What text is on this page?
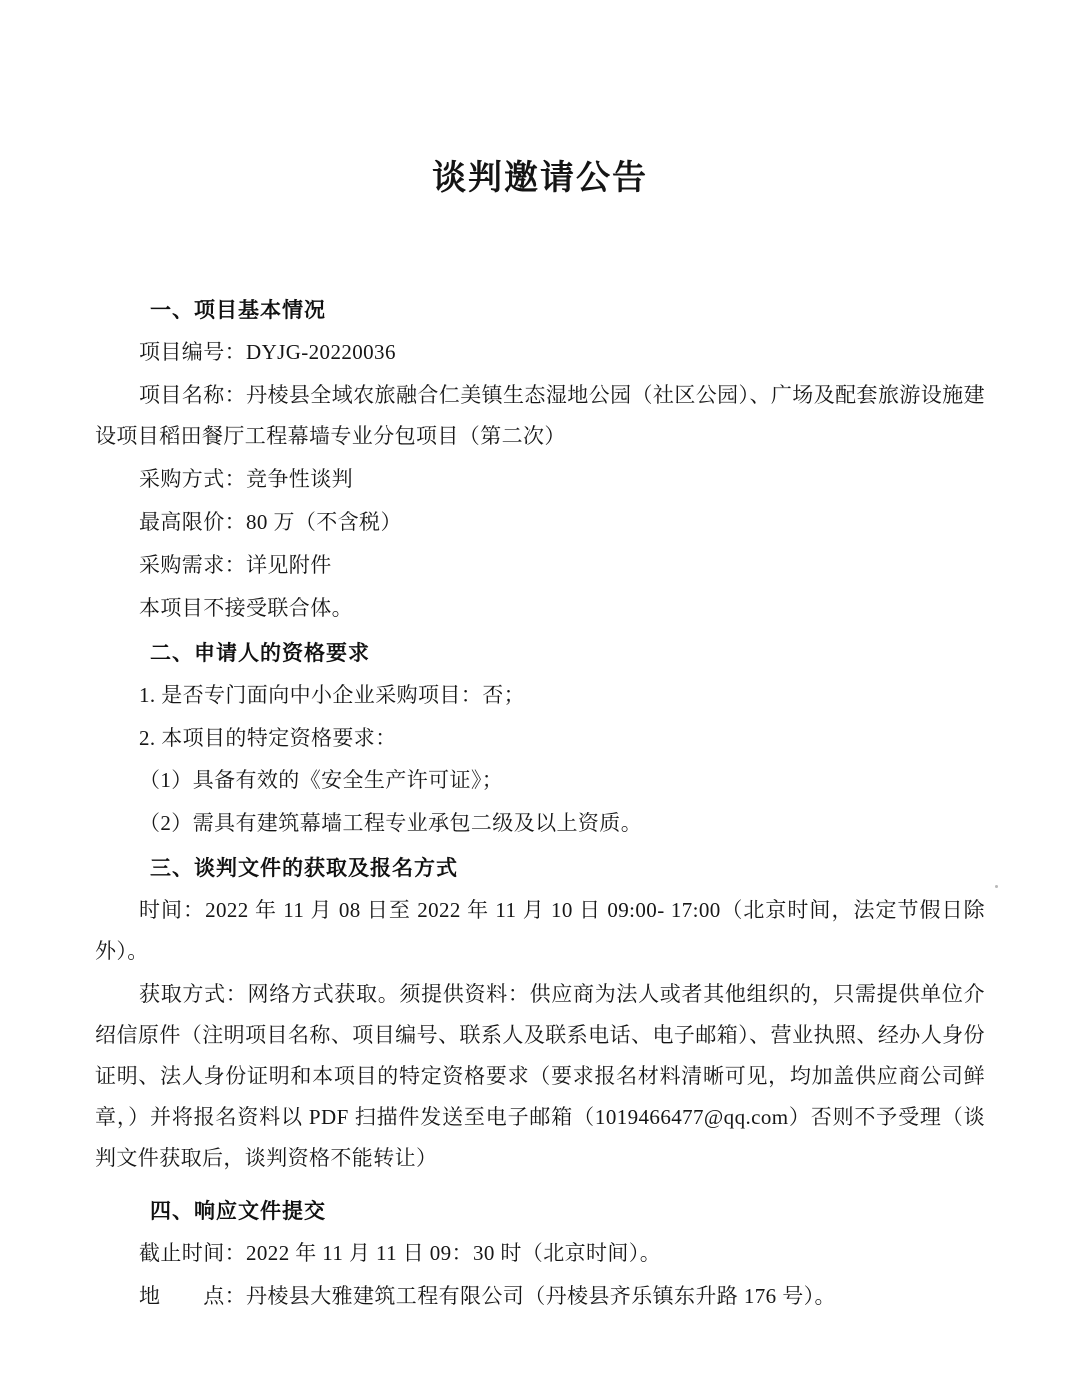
谈判邀请公告
一、项目基本情况

项目编号：DYJG-20220036

项目名称：丹棱县全域农旅融合仁美镇生态湿地公园（社区公园）、广场及配套旅游设施建设项目稻田餐厅工程幕墙专业分包项目（第二次）

采购方式：竞争性谈判

最高限价：80 万（不含税）

采购需求：详见附件

本项目不接受联合体。

二、申请人的资格要求

1. 是否专门面向中小企业采购项目：否；

2. 本项目的特定资格要求：

（1）具备有效的《安全生产许可证》；

（2）需具有建筑幕墙工程专业承包二级及以上资质。

三、谈判文件的获取及报名方式

时间：2022 年 11 月 08 日至 2022 年 11 月 10 日 09:00- 17:00（北京时间，法定节假日除外）。

获取方式：网络方式获取。须提供资料：供应商为法人或者其他组织的，只需提供单位介绍信原件（注明项目名称、项目编号、联系人及联系电话、电子邮箱）、营业执照、经办人身份证明、法人身份证明和本项目的特定资格要求（要求报名材料清晰可见，均加盖供应商公司鲜章，）并将报名资料以 PDF 扫描件发送至电子邮箱（1019466477@qq.com）否则不予受理（谈判文件获取后，谈判资格不能转让）

四、响应文件提交

截止时间：2022 年 11 月 11 日 09：30 时（北京时间）。

地　　点：丹棱县大雅建筑工程有限公司（丹棱县齐乐镇东升路 176 号）。
